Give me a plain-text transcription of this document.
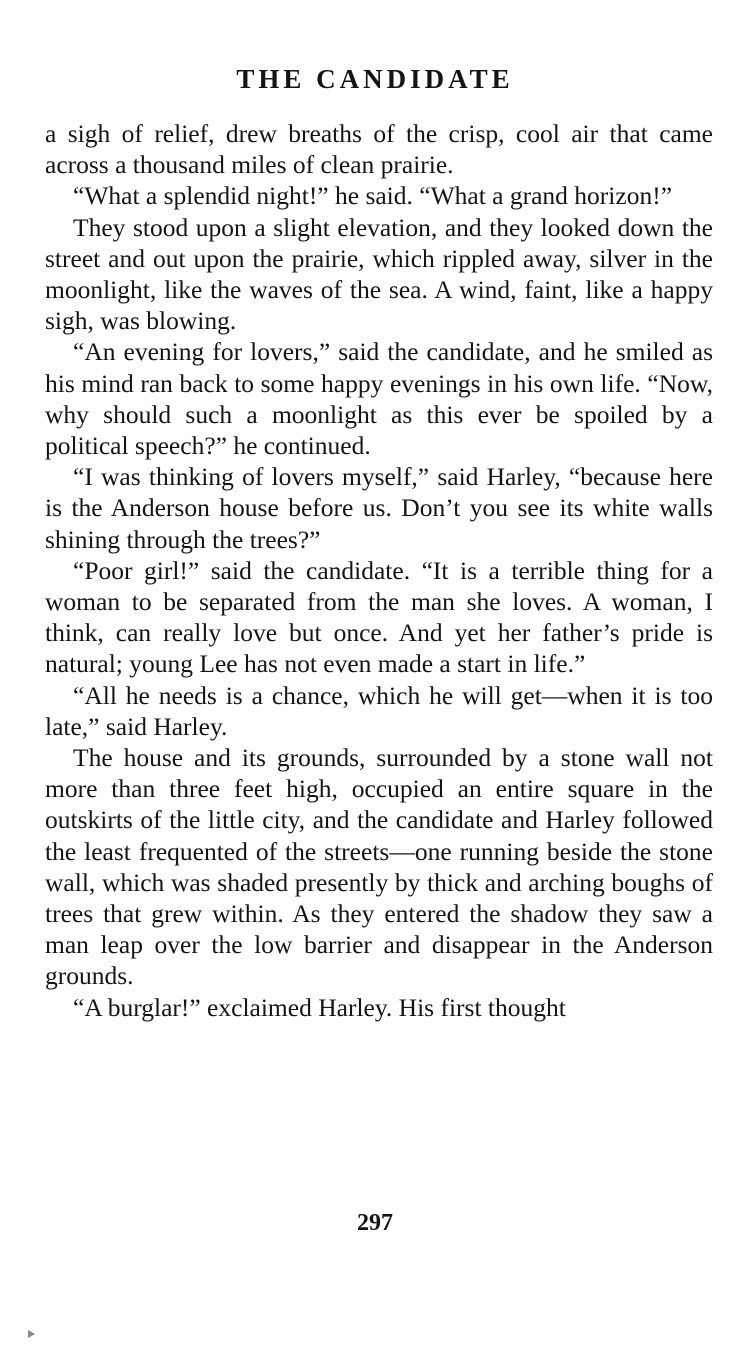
THE CANDIDATE

a sigh of relief, drew breaths of the crisp, cool air that came across a thousand miles of clean prairie.

“What a splendid night!” he said. “What a grand horizon!”

They stood upon a slight elevation, and they looked down the street and out upon the prairie, which rippled away, silver in the moonlight, like the waves of the sea. A wind, faint, like a happy sigh, was blowing.

“An evening for lovers,” said the candidate, and he smiled as his mind ran back to some happy evenings in his own life. “Now, why should such a moonlight as this ever be spoiled by a political speech?” he continued.

“I was thinking of lovers myself,” said Harley, “because here is the Anderson house before us. Don’t you see its white walls shining through the trees?”

“Poor girl!” said the candidate. “It is a terrible thing for a woman to be separated from the man she loves. A woman, I think, can really love but once. And yet her father’s pride is natural; young Lee has not even made a start in life.”

“All he needs is a chance, which he will get—when it is too late,” said Harley.

The house and its grounds, surrounded by a stone wall not more than three feet high, occupied an entire square in the outskirts of the little city, and the candidate and Harley followed the least frequented of the streets—one running beside the stone wall, which was shaded presently by thick and arching boughs of trees that grew within. As they entered the shadow they saw a man leap over the low barrier and disappear in the Anderson grounds.

“A burglar!” exclaimed Harley. His first thought

297
